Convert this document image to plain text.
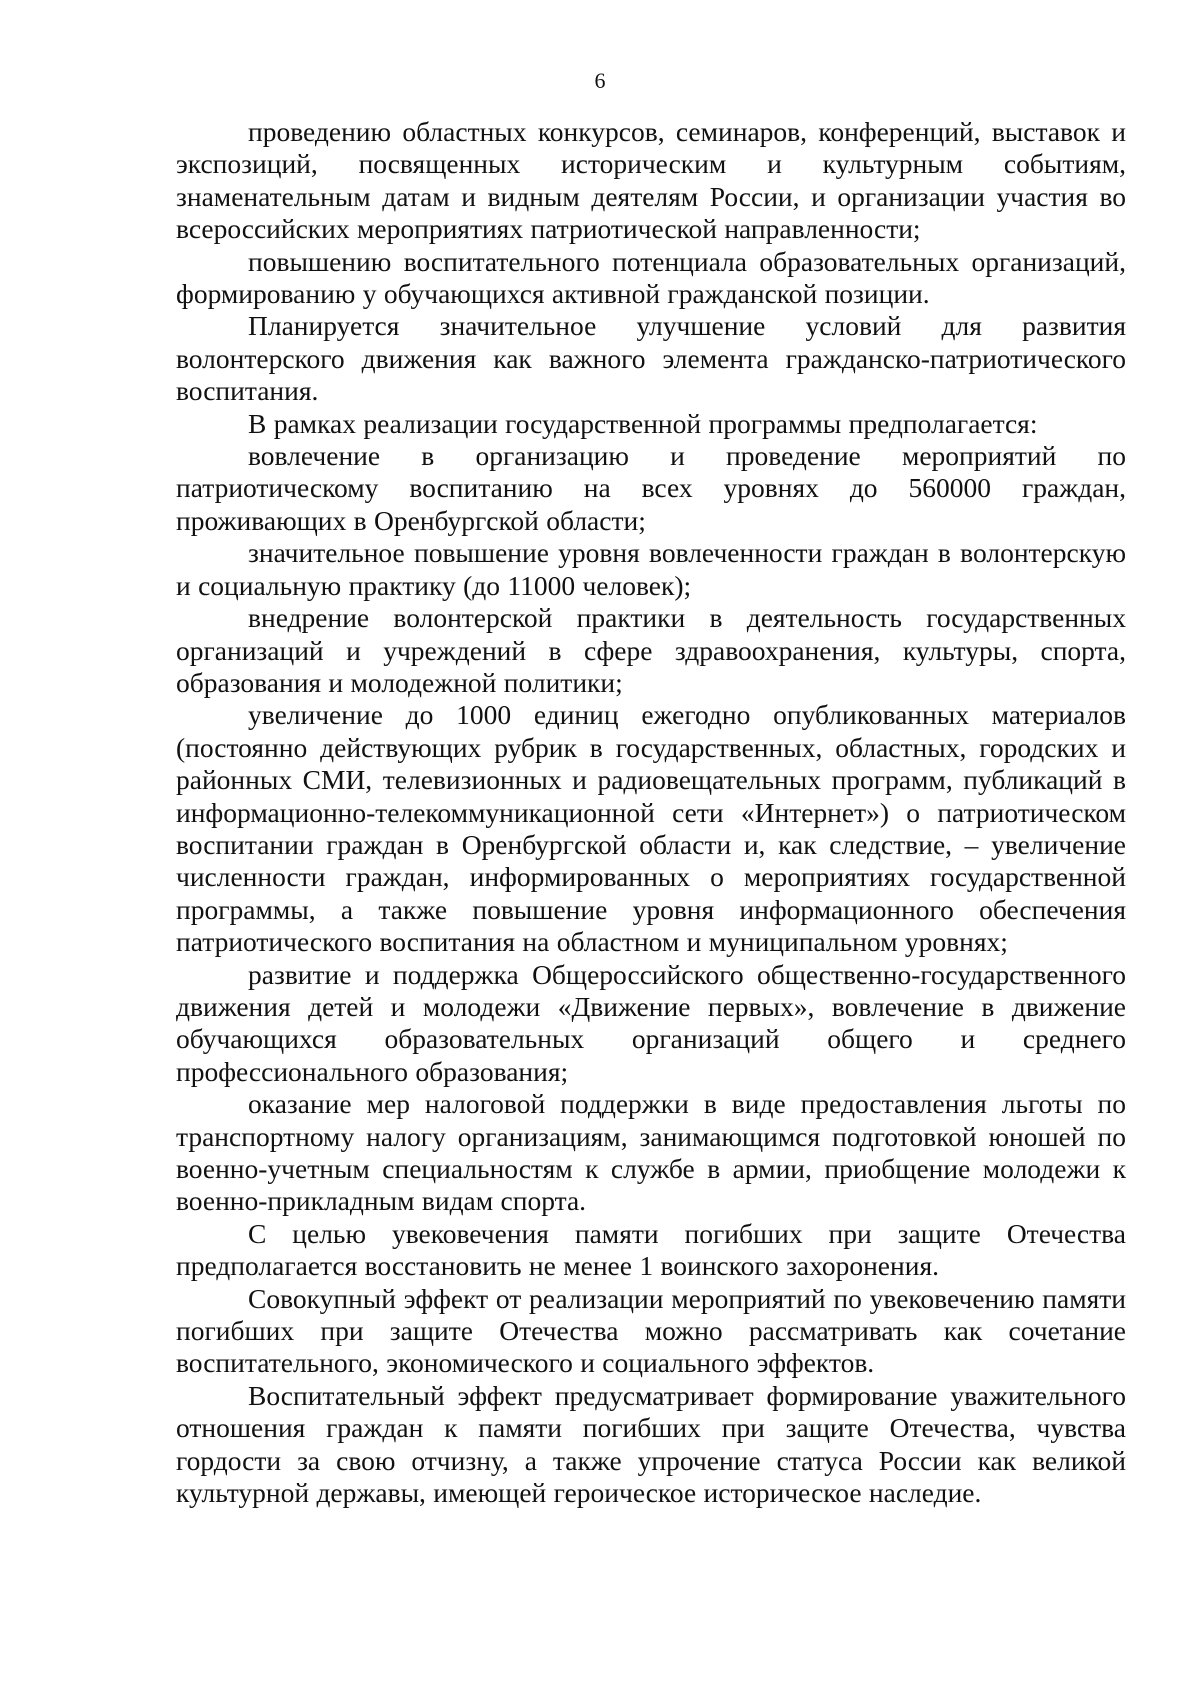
6

проведению областных конкурсов, семинаров, конференций, выставок и экспозиций, посвященных историческим и культурным событиям, знаменательным датам и видным деятелям России, и организации участия во всероссийских мероприятиях патриотической направленности;

повышению воспитательного потенциала образовательных организаций, формированию у обучающихся активной гражданской позиции.

Планируется значительное улучшение условий для развития волонтерского движения как важного элемента гражданско-патриотического воспитания.

В рамках реализации государственной программы предполагается:

вовлечение в организацию и проведение мероприятий по патриотическому воспитанию на всех уровнях до 560000 граждан, проживающих в Оренбургской области;

значительное повышение уровня вовлеченности граждан в волонтерскую и социальную практику (до 11000 человек);

внедрение волонтерской практики в деятельность государственных организаций и учреждений в сфере здравоохранения, культуры, спорта, образования и молодежной политики;

увеличение до 1000 единиц ежегодно опубликованных материалов (постоянно действующих рубрик в государственных, областных, городских и районных СМИ, телевизионных и радиовещательных программ, публикаций в информационно-телекоммуникационной сети «Интернет») о патриотическом воспитании граждан в Оренбургской области и, как следствие, – увеличение численности граждан, информированных о мероприятиях государственной программы, а также повышение уровня информационного обеспечения патриотического воспитания на областном и муниципальном уровнях;

развитие и поддержка Общероссийского общественно-государственного движения детей и молодежи «Движение первых», вовлечение в движение обучающихся образовательных организаций общего и среднего профессионального образования;

оказание мер налоговой поддержки в виде предоставления льготы по транспортному налогу организациям, занимающимся подготовкой юношей по военно-учетным специальностям к службе в армии, приобщение молодежи к военно-прикладным видам спорта.

С целью увековечения памяти погибших при защите Отечества предполагается восстановить не менее 1 воинского захоронения.

Совокупный эффект от реализации мероприятий по увековечению памяти погибших при защите Отечества можно рассматривать как сочетание воспитательного, экономического и социального эффектов.

Воспитательный эффект предусматривает формирование уважительного отношения граждан к памяти погибших при защите Отечества, чувства гордости за свою отчизну, а также упрочение статуса России как великой культурной державы, имеющей героическое историческое наследие.
